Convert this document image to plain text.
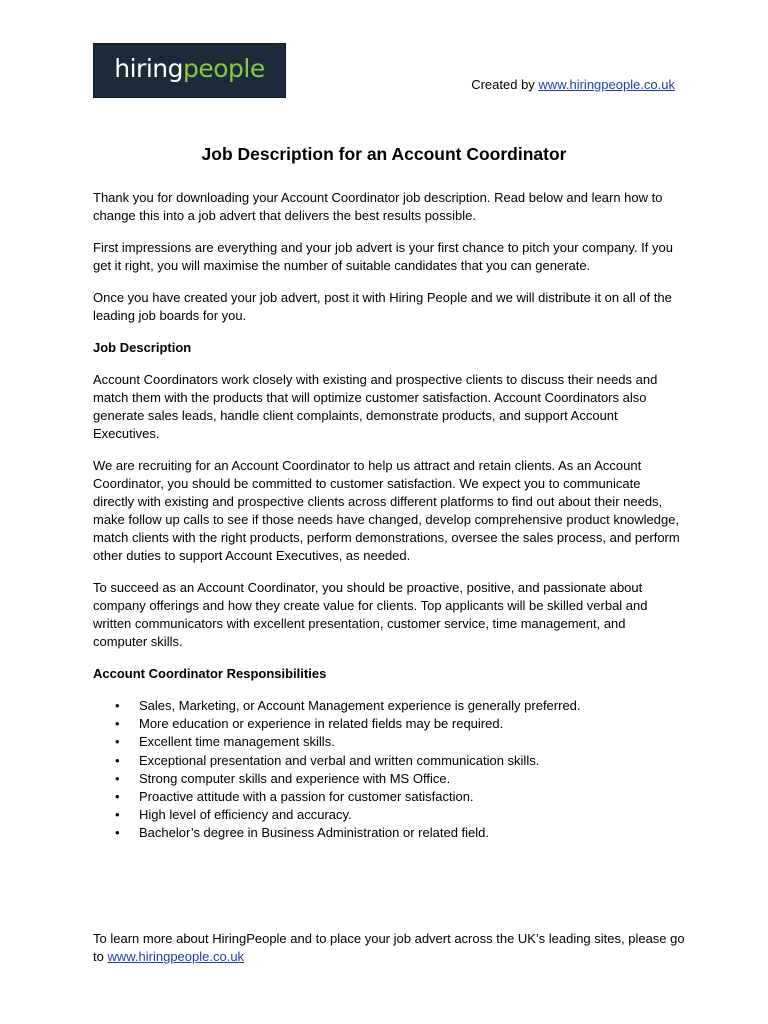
hiringpeople
Created by www.hiringpeople.co.uk
Job Description for an Account Coordinator

Thank you for downloading your Account Coordinator job description. Read below and learn how to change this into a job advert that delivers the best results possible.

First impressions are everything and your job advert is your first chance to pitch your company. If you get it right, you will maximise the number of suitable candidates that you can generate.

Once you have created your job advert, post it with Hiring People and we will distribute it on all of the leading job boards for you.

Job Description

Account Coordinators work closely with existing and prospective clients to discuss their needs and match them with the products that will optimize customer satisfaction. Account Coordinators also generate sales leads, handle client complaints, demonstrate products, and support Account Executives.

We are recruiting for an Account Coordinator to help us attract and retain clients. As an Account Coordinator, you should be committed to customer satisfaction. We expect you to communicate directly with existing and prospective clients across different platforms to find out about their needs, make follow up calls to see if those needs have changed, develop comprehensive product knowledge, match clients with the right products, perform demonstrations, oversee the sales process, and perform other duties to support Account Executives, as needed.

To succeed as an Account Coordinator, you should be proactive, positive, and passionate about company offerings and how they create value for clients. Top applicants will be skilled verbal and written communicators with excellent presentation, customer service, time management, and computer skills.

Account Coordinator Responsibilities

• Sales, Marketing, or Account Management experience is generally preferred.
• More education or experience in related fields may be required.
• Excellent time management skills.
• Exceptional presentation and verbal and written communication skills.
• Strong computer skills and experience with MS Office.
• Proactive attitude with a passion for customer satisfaction.
• High level of efficiency and accuracy.
• Bachelor’s degree in Business Administration or related field.
To learn more about HiringPeople and to place your job advert across the UK’s leading sites, please go to www.hiringpeople.co.uk
